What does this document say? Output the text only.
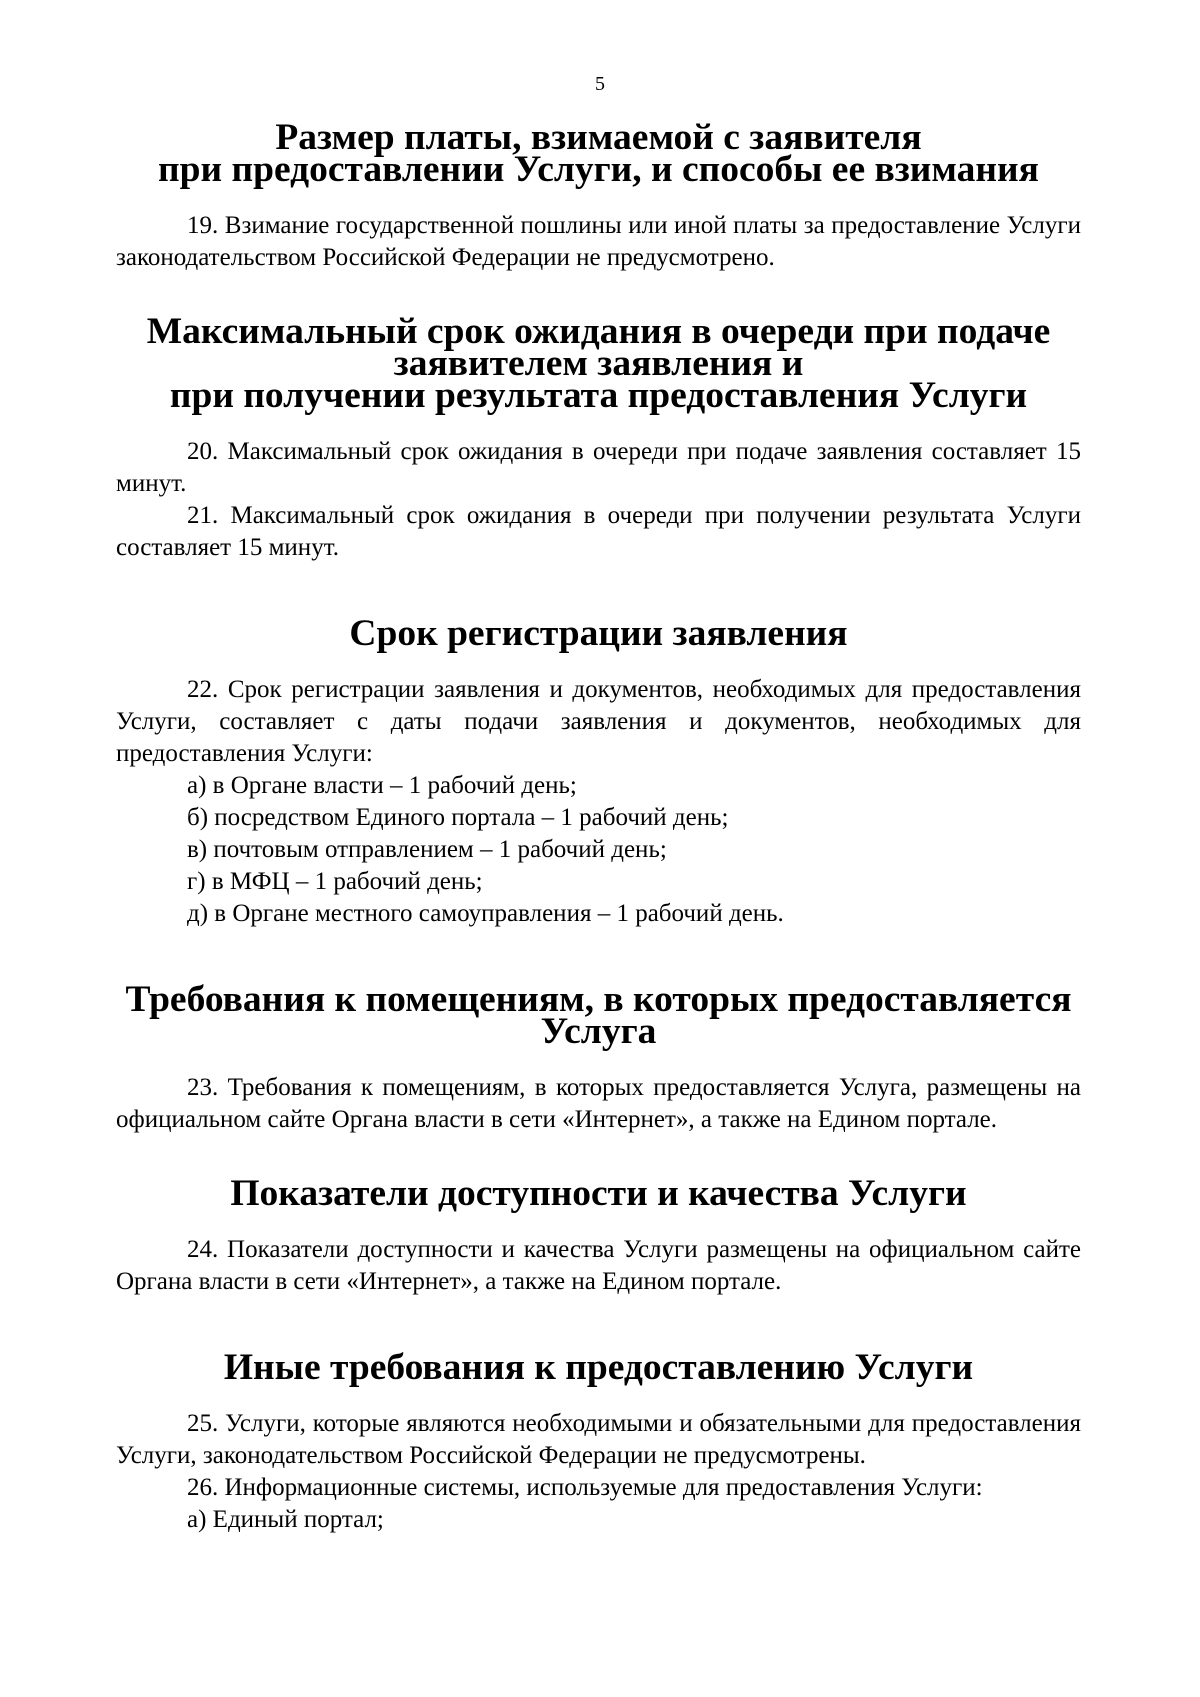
5
Размер платы, взимаемой с заявителя
при предоставлении Услуги, и способы ее взимания

19. Взимание государственной пошлины или иной платы за предоставление Услуги законодательством Российской Федерации не предусмотрено.

Максимальный срок ожидания в очереди при подаче заявителем заявления и
при получении результата предоставления Услуги

20. Максимальный срок ожидания в очереди при подаче заявления составляет 15 минут.

21. Максимальный срок ожидания в очереди при получении результата Услуги составляет 15 минут.

Срок регистрации заявления

22. Срок регистрации заявления и документов, необходимых для предоставления Услуги, составляет с даты подачи заявления и документов, необходимых для предоставления Услуги:

а) в Органе власти – 1 рабочий день;

б) посредством Единого портала – 1 рабочий день;

в) почтовым отправлением – 1 рабочий день;

г) в МФЦ – 1 рабочий день;

д) в Органе местного самоуправления – 1 рабочий день.

Требования к помещениям, в которых предоставляется Услуга

23. Требования к помещениям, в которых предоставляется Услуга, размещены на официальном сайте Органа власти в сети «Интернет», а также на Едином портале.

Показатели доступности и качества Услуги

24. Показатели доступности и качества Услуги размещены на официальном сайте Органа власти в сети «Интернет», а также на Едином портале.

Иные требования к предоставлению Услуги

25. Услуги, которые являются необходимыми и обязательными для предоставления Услуги, законодательством Российской Федерации не предусмотрены.

26. Информационные системы, используемые для предоставления Услуги:

а) Единый портал;
